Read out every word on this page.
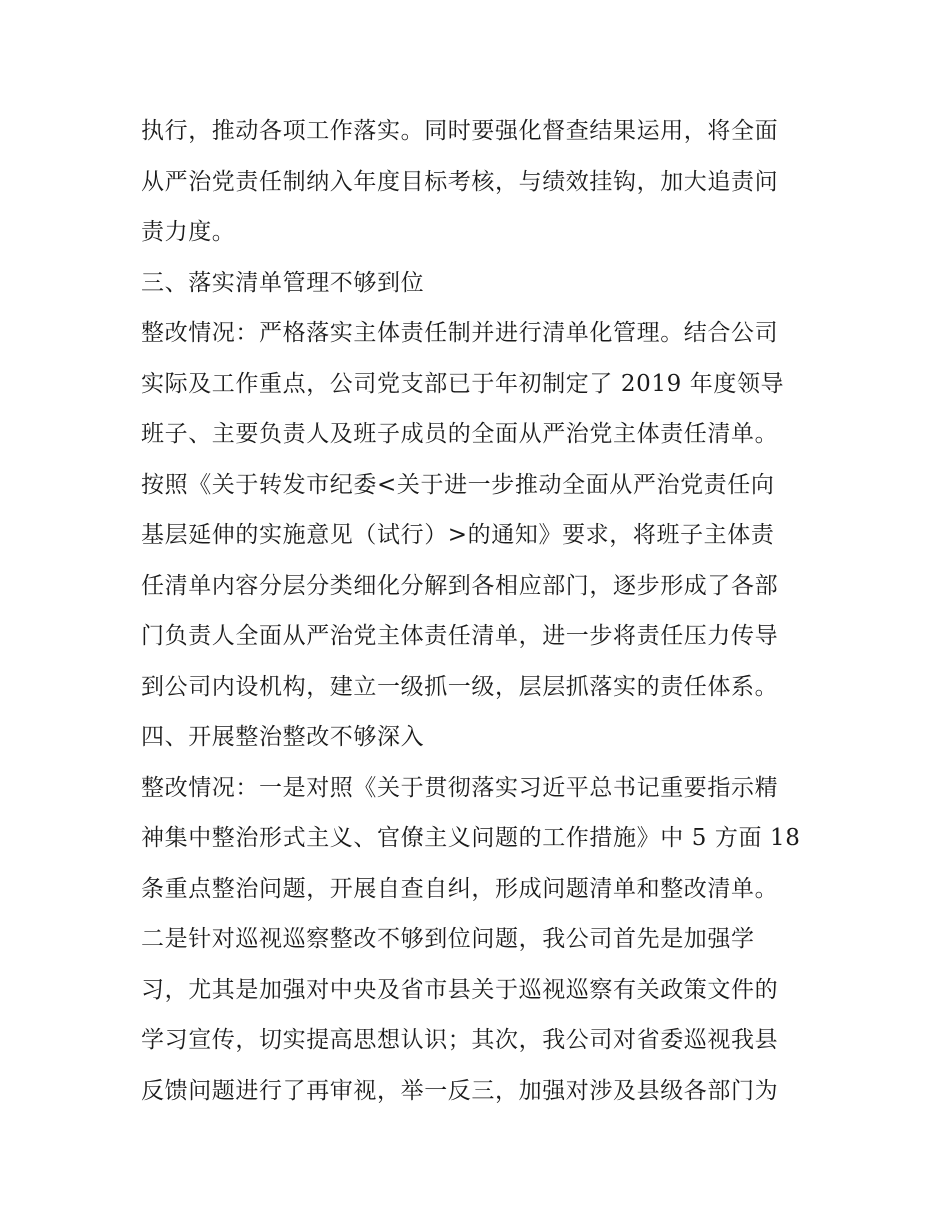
执行，推动各项工作落实。同时要强化督查结果运用，将全面
从严治党责任制纳入年度目标考核，与绩效挂钩，加大追责问
责力度。
三、落实清单管理不够到位
整改情况：严格落实主体责任制并进行清单化管理。结合公司
实际及工作重点，公司党支部已于年初制定了 2019 年度领导
班子、主要负责人及班子成员的全面从严治党主体责任清单。
按照《关于转发市纪委<关于进一步推动全面从严治党责任向
基层延伸的实施意见（试行）>的通知》要求，将班子主体责
任清单内容分层分类细化分解到各相应部门，逐步形成了各部
门负责人全面从严治党主体责任清单，进一步将责任压力传导
到公司内设机构，建立一级抓一级，层层抓落实的责任体系。
四、开展整治整改不够深入
整改情况：一是对照《关于贯彻落实习近平总书记重要指示精
神集中整治形式主义、官僚主义问题的工作措施》中 5 方面 18
条重点整治问题，开展自查自纠，形成问题清单和整改清单。
二是针对巡视巡察整改不够到位问题，我公司首先是加强学
习，尤其是加强对中央及省市县关于巡视巡察有关政策文件的
学习宣传，切实提高思想认识；其次，我公司对省委巡视我县
反馈问题进行了再审视，举一反三，加强对涉及县级各部门为
